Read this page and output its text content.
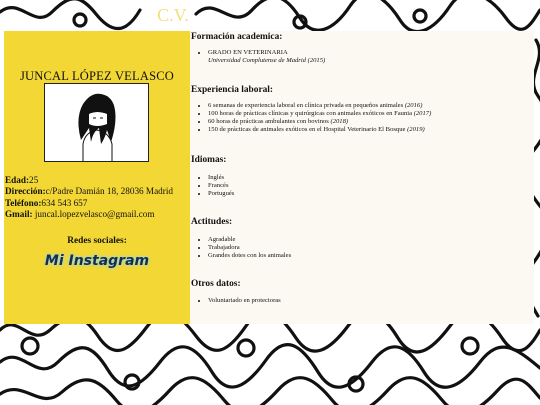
C.V.
JUNCAL LÓPEZ VELASCO
Edad:25
Dirección:c/Padre Damián 18, 28036 Madrid
Teléfono:634 543 657
Gmail: juncal.lopezvelasco@gmail.com
Redes sociales:
Mi Instagram
Formación academica:
• GRADO EN VETERINARIA
Universidad Complutense de Madrid (2015)
Experiencia laboral:
• 6 semanas de experiencia laboral en clínica privada en pequeños animales (2016)
• 100 horas de prácticas clínicas y quirúrgicas con animales exóticos en Faunia (2017)
• 60 horas de prácticas ambulantes con bovinos (2018)
• 150 de prácticas de animales exóticos en el Hospital Veterinario El Bosque (2019)
Idiomas:
• Inglés
• Francés
• Portugués
Actitudes:
• Agradable
• Trabajadora
• Grandes dotes con los animales
Otros datos:
• Voluntariado en protectoras
